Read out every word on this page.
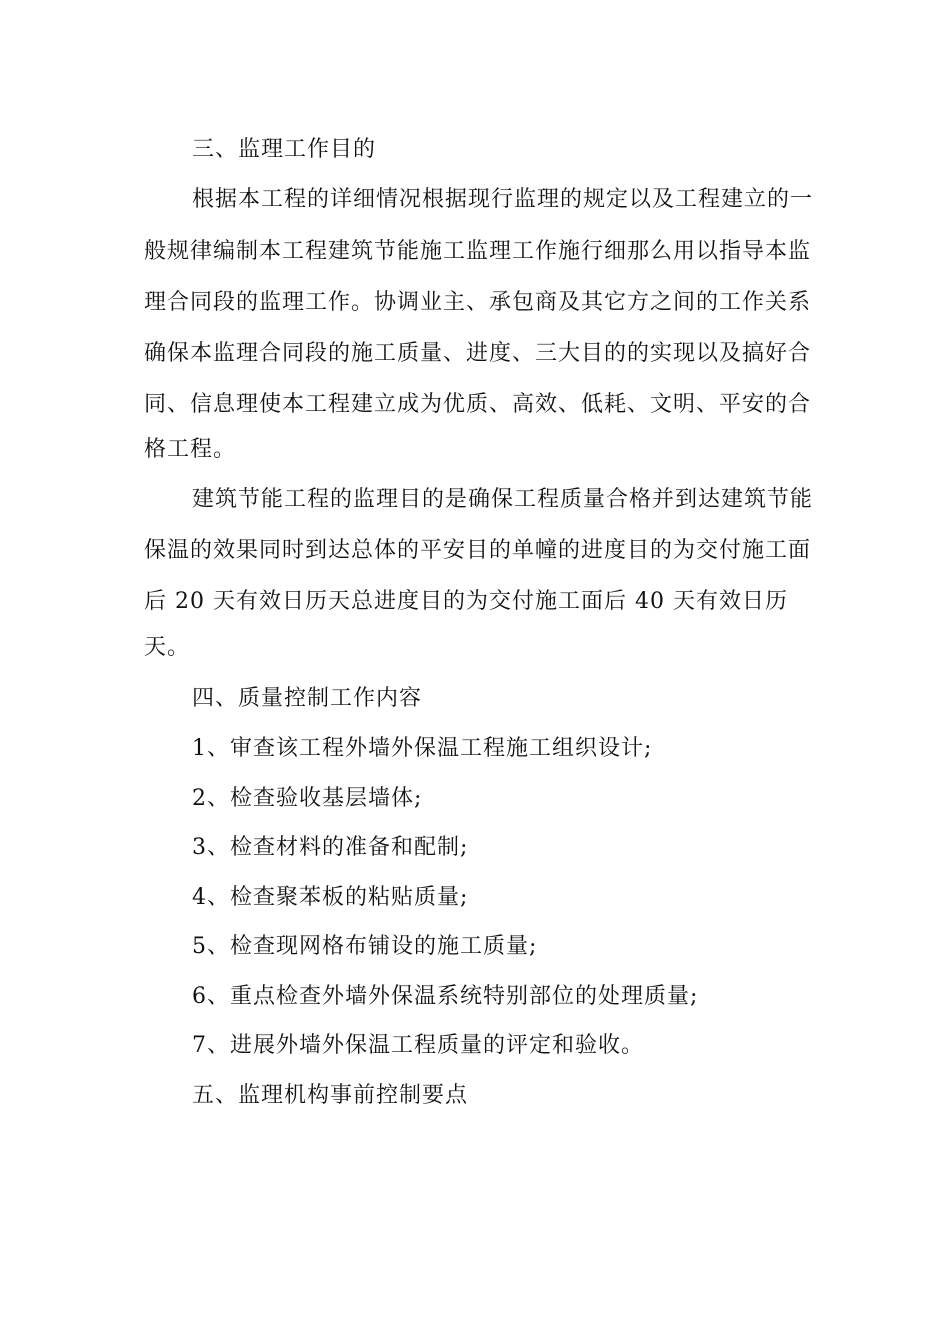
三、监理工作目的
根据本工程的详细情况根据现行监理的规定以及工程建立的一
般规律编制本工程建筑节能施工监理工作施行细那么用以指导本监
理合同段的监理工作。协调业主、承包商及其它方之间的工作关系
确保本监理合同段的施工质量、进度、三大目的的实现以及搞好合
同、信息理使本工程建立成为优质、高效、低耗、文明、平安的合
格工程。
建筑节能工程的监理目的是确保工程质量合格并到达建筑节能
保温的效果同时到达总体的平安目的单幢的进度目的为交付施工面
后 20 天有效日历天总进度目的为交付施工面后 40 天有效日历
天。
四、质量控制工作内容
1、审查该工程外墙外保温工程施工组织设计;
2、检查验收基层墙体;
3、检查材料的准备和配制;
4、检查聚苯板的粘贴质量;
5、检查现网格布铺设的施工质量;
6、重点检查外墙外保温系统特别部位的处理质量;
7、进展外墙外保温工程质量的评定和验收。
五、监理机构事前控制要点
